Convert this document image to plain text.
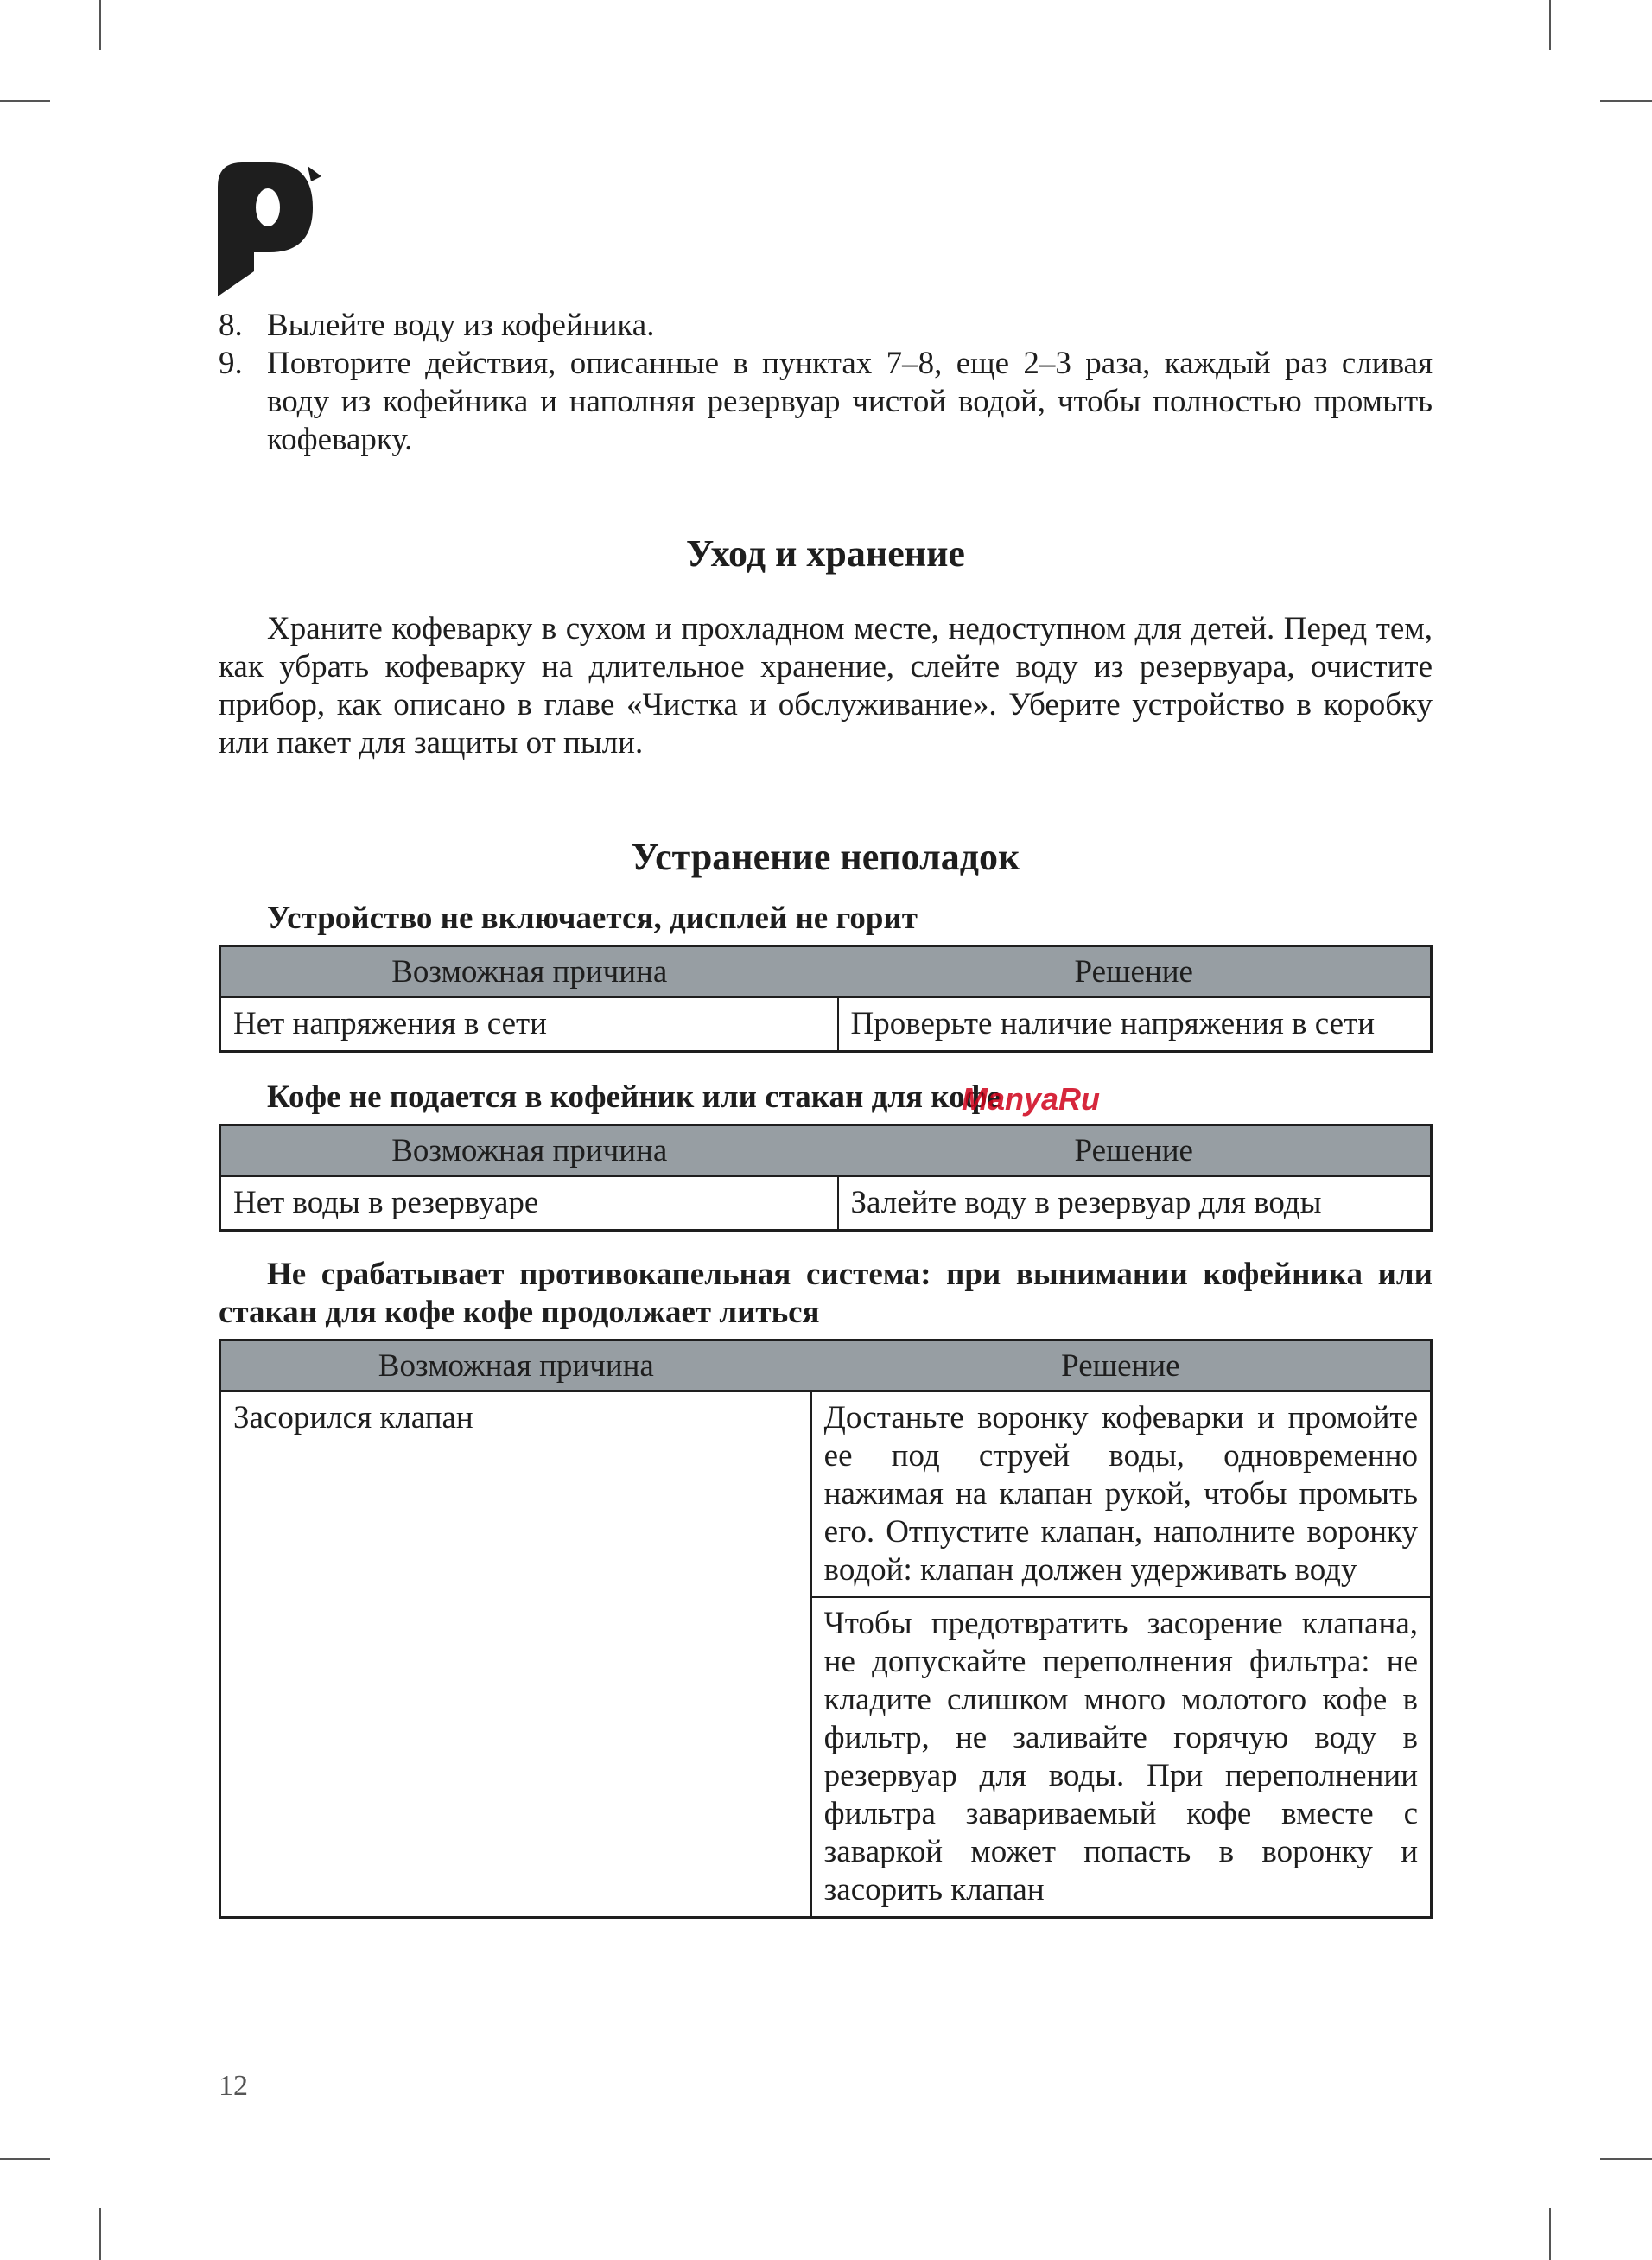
8. Вылейте воду из кофейника.
9. Повторите действия, описанные в пунктах 7–8, еще 2–3 раза, каждый раз сливая воду из кофейника и наполняя резервуар чистой водой, чтобы полностью промыть кофеварку.
Уход и хранение

Храните кофеварку в сухом и прохладном месте, недоступном для детей. Перед тем, как убрать кофеварку на длительное хранение, слейте воду из резервуара, очистите прибор, как описано в главе «Чистка и обслуживание». Уберите устройство в коробку или пакет для защиты от пыли.

Устранение неполадок
Устройство не включается, дисплей не горит
Возможная причина	Решение
Нет напряжения в сети	Проверьте наличие напряжения в сети
Кофе не подается в кофейник или стакан для кофе
ManyaRu
Возможная причина	Решение
Нет воды в резервуаре	Залейте воду в резервуар для воды
Не срабатывает противокапельная система: при вынимании кофейника или стакан для кофе кофе продолжает литься
Возможная причина	Решение
Засорился клапан	Достаньте воронку кофеварки и промойте ее под струей воды, одновременно нажимая на клапан рукой, чтобы промыть его. Отпустите клапан, наполните воронку водой: клапан должен удерживать воду
	Чтобы предотвратить засорение клапана, не допускайте переполнения фильтра: не кладите слишком много молотого кофе в фильтр, не заливайте горячую воду в резервуар для воды. При переполнении фильтра завариваемый кофе вместе с заваркой может попасть в воронку и засорить клапан
12
